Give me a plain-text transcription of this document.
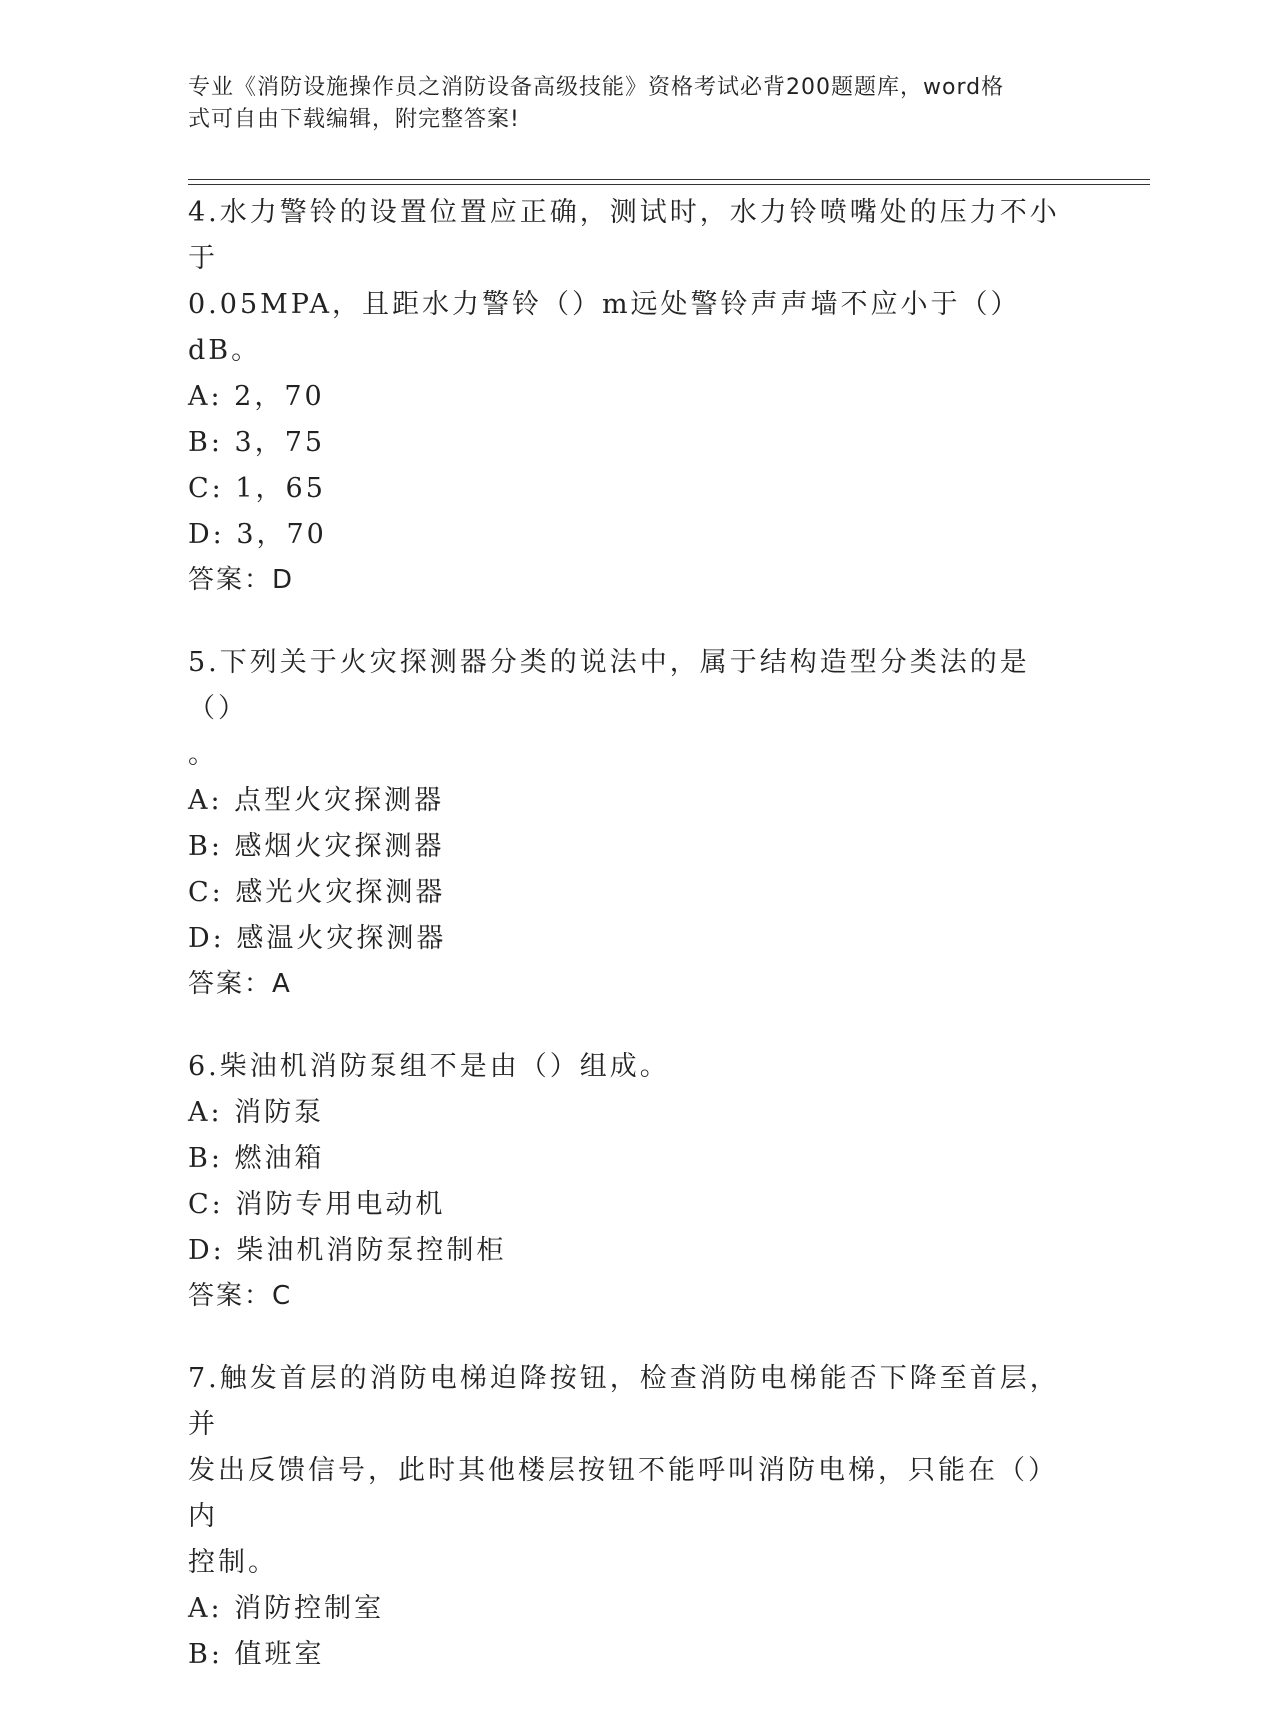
专业《消防设施操作员之消防设备高级技能》资格考试必背200题题库，word格
式可自由下载编辑，附完整答案!
4.水力警铃的设置位置应正确，测试时，水力铃喷嘴处的压力不小于
0.05MPA，且距水力警铃（）m远处警铃声声墙不应小于（）dB。
A: 2，70
B: 3，75
C: 1，65
D: 3，70
答案：D
5.下列关于火灾探测器分类的说法中，属于结构造型分类法的是（）
。
A: 点型火灾探测器
B: 感烟火灾探测器
C: 感光火灾探测器
D: 感温火灾探测器
答案：A
6.柴油机消防泵组不是由（）组成。
A: 消防泵
B: 燃油箱
C: 消防专用电动机
D: 柴油机消防泵控制柜
答案：C
7.触发首层的消防电梯迫降按钮，检查消防电梯能否下降至首层，并
发出反馈信号，此时其他楼层按钮不能呼叫消防电梯，只能在（）内
控制。
A: 消防控制室
B: 值班室
